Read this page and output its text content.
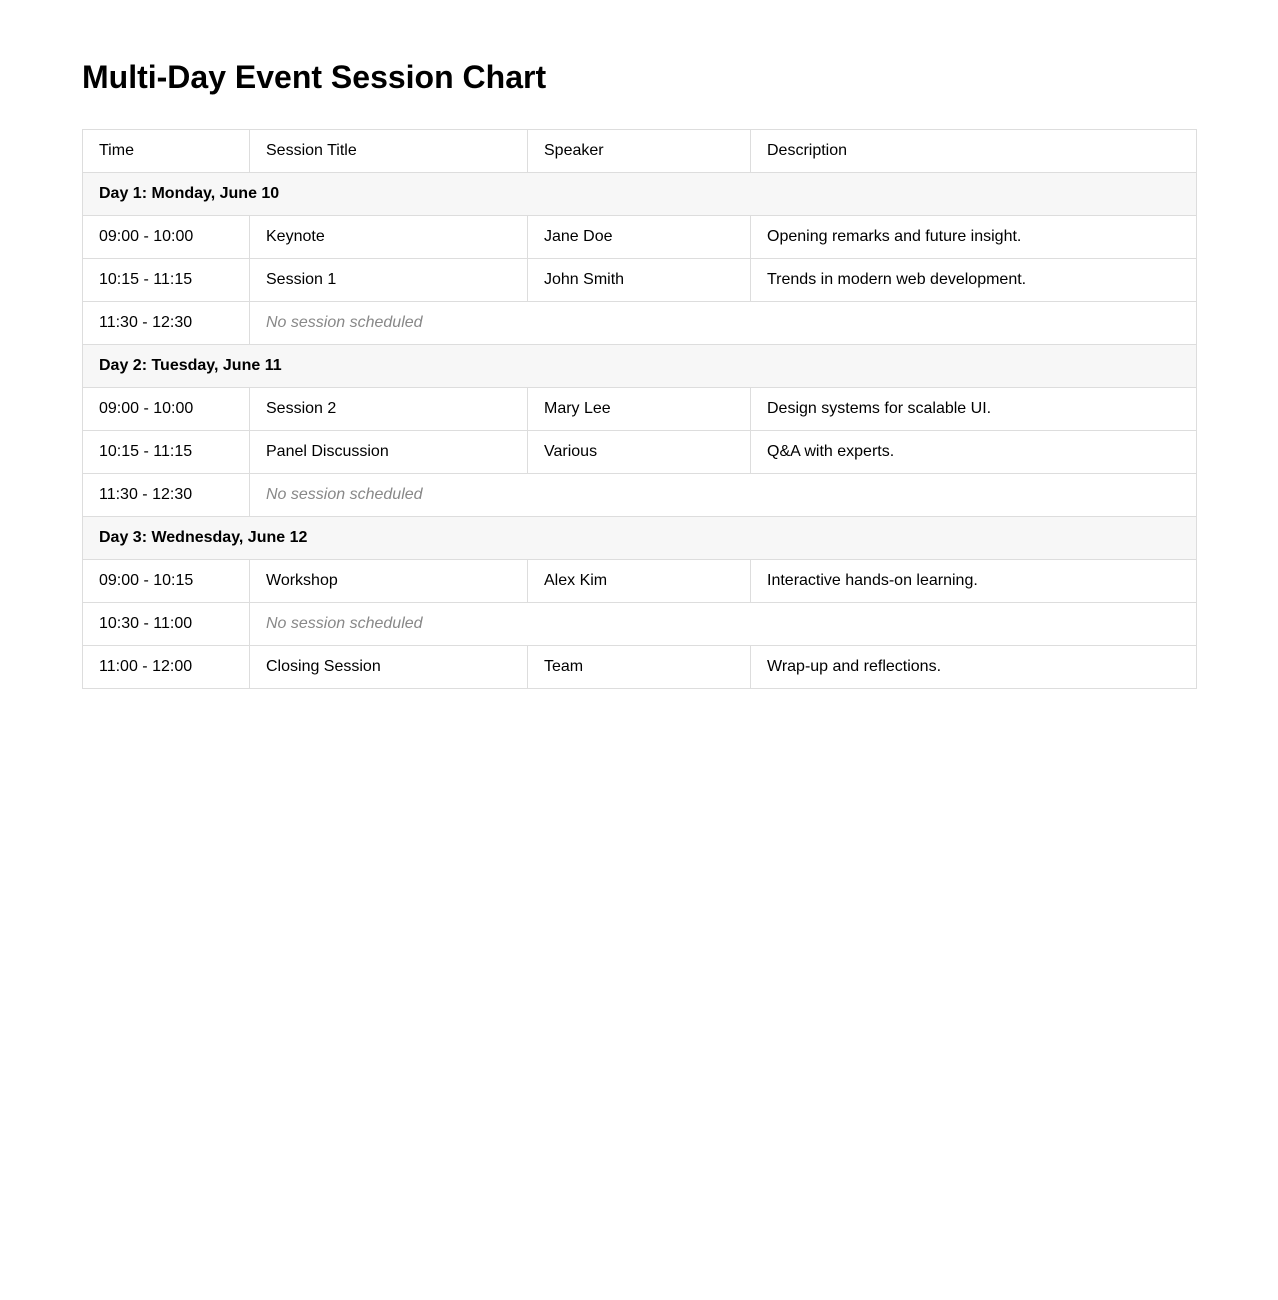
Multi-Day Event Session Chart
Time	Session Title	Speaker	Description
Day 1: Monday, June 10			
09:00 - 10:00	Keynote	Jane Doe	Opening remarks and future insight.
10:15 - 11:15	Session 1	John Smith	Trends in modern web development.
11:30 - 12:30	No session scheduled		
Day 2: Tuesday, June 11			
09:00 - 10:00	Session 2	Mary Lee	Design systems for scalable UI.
10:15 - 11:15	Panel Discussion	Various	Q&A with experts.
11:30 - 12:30	No session scheduled		
Day 3: Wednesday, June 12			
09:00 - 10:15	Workshop	Alex Kim	Interactive hands-on learning.
10:30 - 11:00	No session scheduled		
11:00 - 12:00	Closing Session	Team	Wrap-up and reflections.
